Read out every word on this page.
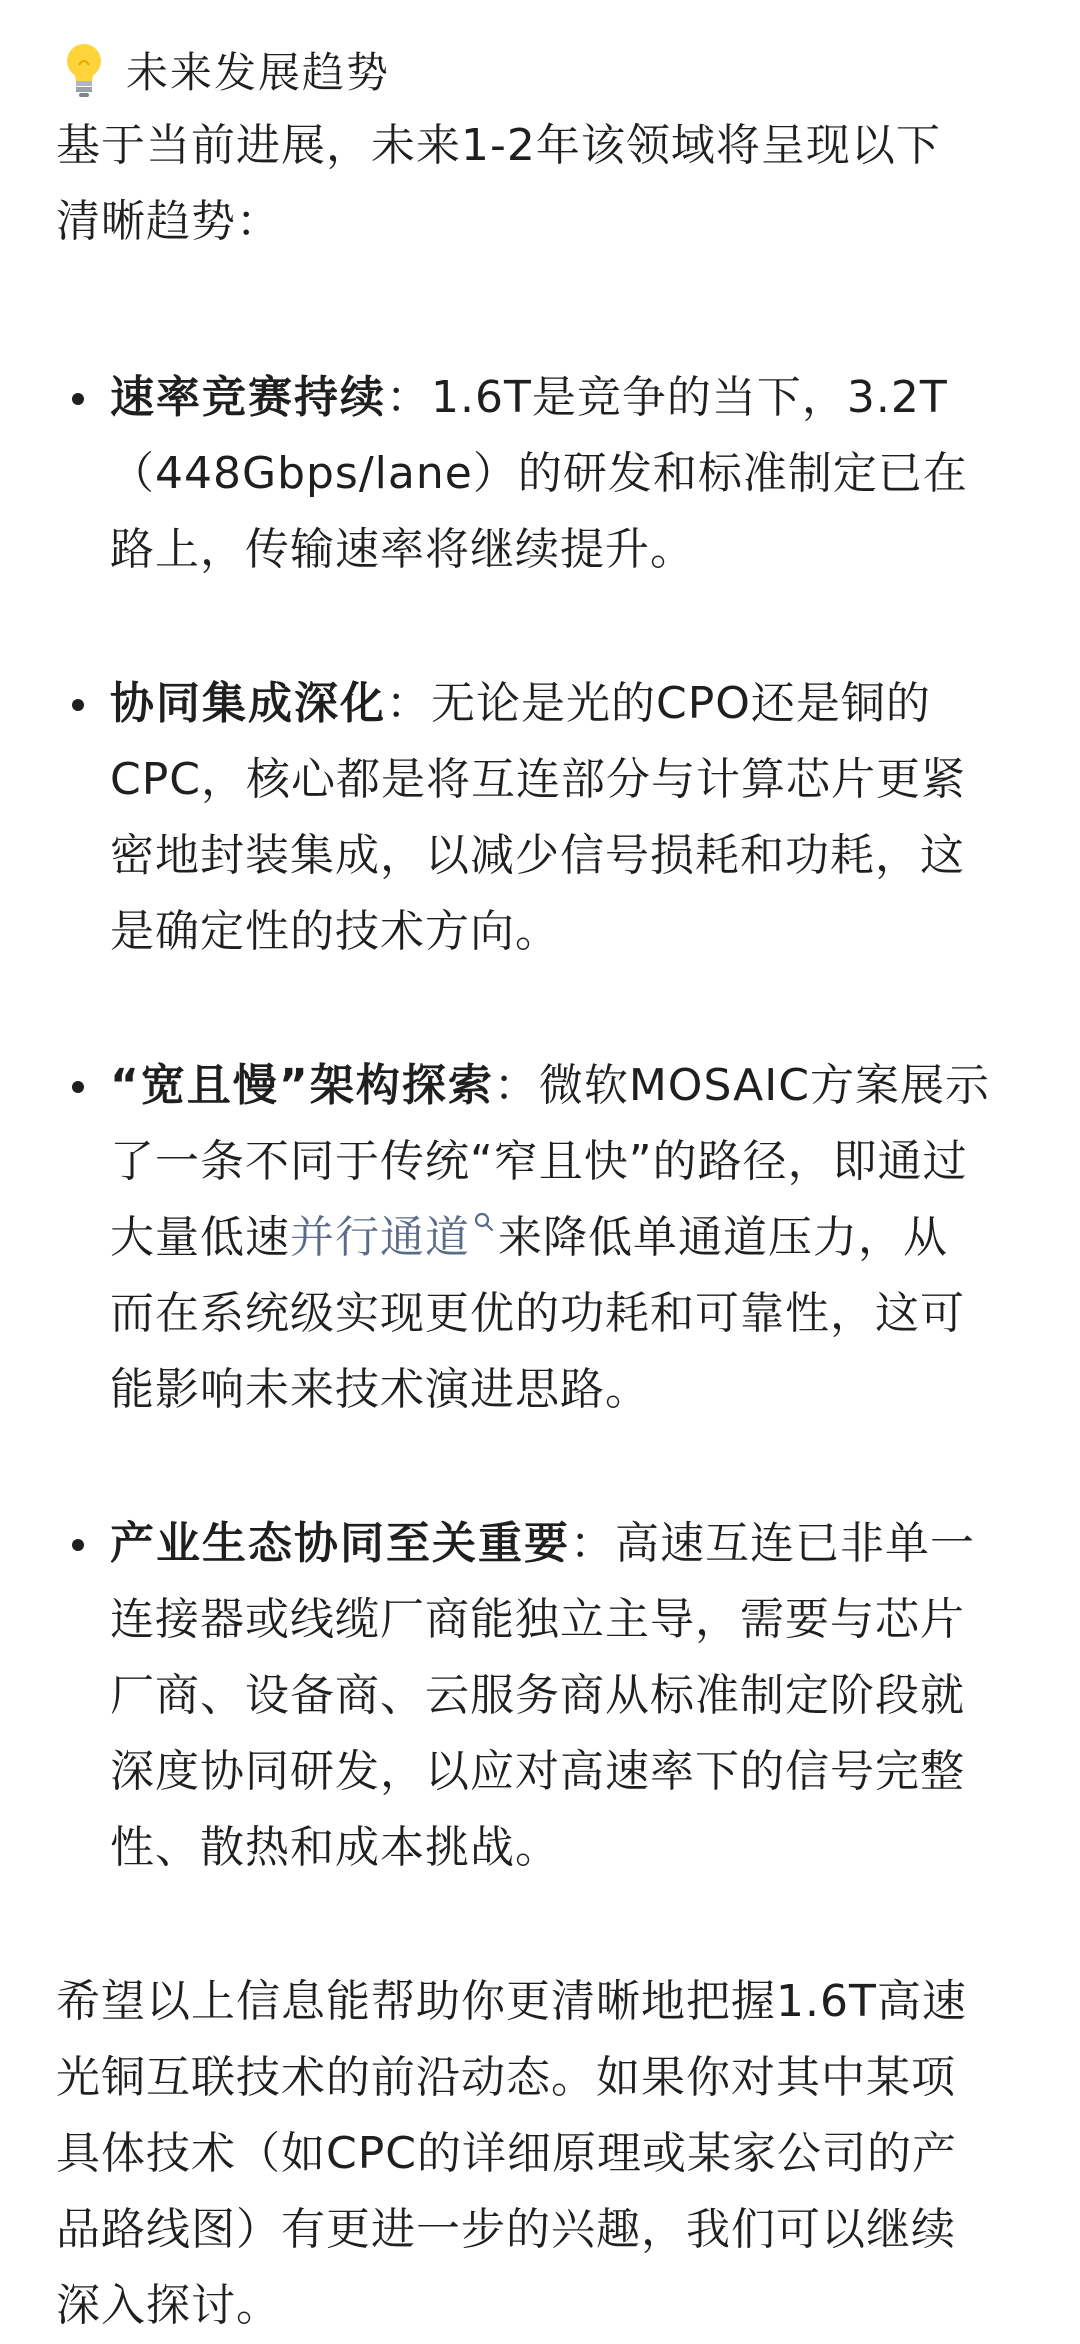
未来发展趋势
基于当前进展，未来1-2年该领域将呈现以下
清晰趋势：
速率竞赛持续：1.6T是竞争的当下，3.2T
（448Gbps/lane）的研发和标准制定已在
路上，传输速率将继续提升。
协同集成深化：无论是光的CPO还是铜的
CPC，核心都是将互连部分与计算芯片更紧
密地封装集成，以减少信号损耗和功耗，这
是确定性的技术方向。
“宽且慢”架构探索：微软MOSAIC方案展示
了一条不同于传统“窄且快”的路径，即通过
大量低速并行通道 来降低单通道压力，从
而在系统级实现更优的功耗和可靠性，这可
能影响未来技术演进思路。
产业生态协同至关重要：高速互连已非单一
连接器或线缆厂商能独立主导，需要与芯片
厂商、设备商、云服务商从标准制定阶段就
深度协同研发，以应对高速率下的信号完整
性、散热和成本挑战。
希望以上信息能帮助你更清晰地把握1.6T高速
光铜互联技术的前沿动态。如果你对其中某项
具体技术（如CPC的详细原理或某家公司的产
品路线图）有更进一步的兴趣，我们可以继续
深入探讨。
